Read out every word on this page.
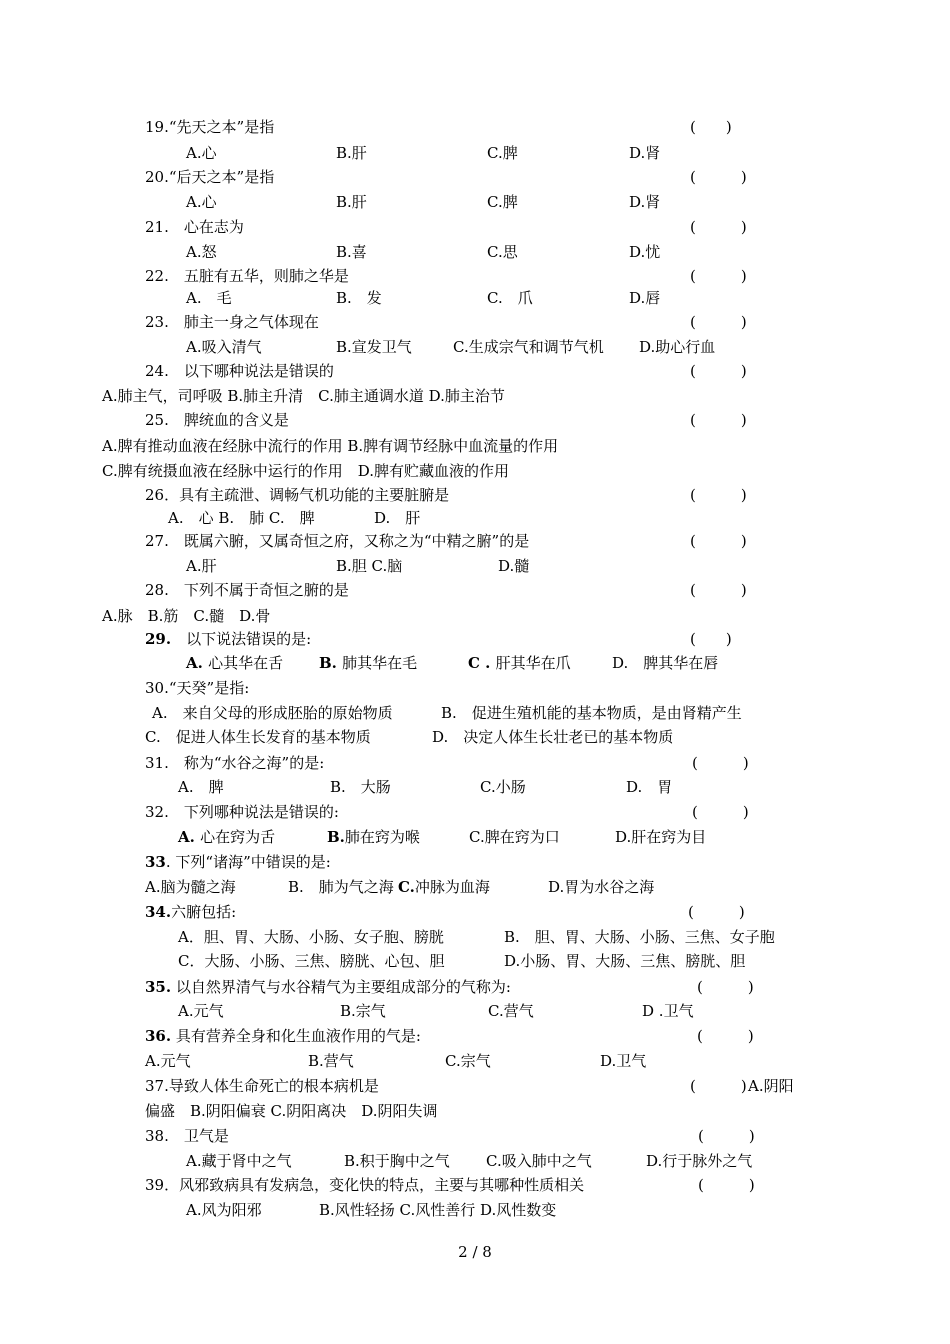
19.“先天之本”是指	(　　)
A.心	B.肝	C.脾	D.肾
20.“后天之本”是指	(　　　)
A.心	B.肝	C.脾	D.肾
21.　心在志为	(　　　)
A.怒	B.喜	C.思	D.忧
22.　五脏有五华，则肺之华是	(　　　)
A.　毛	B.　发	C.　爪	D.唇
23.　肺主一身之气体现在	(　　　)
A.吸入清气	B.宣发卫气	C.生成宗气和调节气机 D.助心行血
24.　以下哪种说法是错误的	(　　　)
A.肺主气，司呼吸 B.肺主升清　C.肺主通调水道 D.肺主治节
25.　脾统血的含义是	(　　　)
A.脾有推动血液在经脉中流行的作用 B.脾有调节经脉中血流量的作用
C.脾有统摄血液在经脉中运行的作用　D.脾有贮藏血液的作用
26．具有主疏泄、调畅气机功能的主要脏腑是	(　　　)
A.　心 B.　肺 C.　脾	D.　肝
27.　既属六腑，又属奇恒之府，又称之为“中精之腑”的是	(　　　)
A.肝	B.胆 C.脑	D.髓
28.　下列不属于奇恒之腑的是	(　　　)
A.脉　B.筋　C.髓　D.骨
29.　以下说法错误的是:	(　　)
A. 心其华在舌 B. 肺其华在毛	C . 肝其华在爪	D.　脾其华在唇
30.“天癸”是指:
A.　来自父母的形成胚胎的原始物质	B.　促进生殖机能的基本物质，是由肾精产生
C.　促进人体生长发育的基本物质	D.　决定人体生长壮老已的基本物质
31.　称为“水谷之海”的是:	(　　　)
A.　脾	B.　大肠	C.小肠	D.　胃
32.　下列哪种说法是错误的:	(　　　)
A. 心在窍为舌	B.肺在窍为喉	C.脾在窍为口	D.肝在窍为目
33. 下列“诸海”中错误的是:
A.脑为髓之海	B.　肺为气之海 C.冲脉为血海	D.胃为水谷之海
34.六腑包括:	(　　　)
A．胆、胃、大肠、小肠、女子胞、膀胱	B.　胆、胃、大肠、小肠、三焦、女子胞
C．大肠、小肠、三焦、膀胱、心包、胆	D.小肠、胃、大肠、三焦、膀胱、胆
35. 以自然界清气与水谷精气为主要组成部分的气称为:	(　　　)
A.元气	B.宗气	C.营气	D .卫气
36. 具有营养全身和化生血液作用的气是:	(　　　)
A.元气	B.营气	C.宗气	D.卫气
37.导致人体生命死亡的根本病机是	(　　　) A.阴阳
偏盛　B.阴阳偏衰 C.阴阳离决　D.阴阳失调
38.　卫气是	(　　　)
A.藏于肾中之气	B.积于胸中之气 C.吸入肺中之气	D.行于脉外之气
39．风邪致病具有发病急，变化快的特点，主要与其哪种性质相关	(　　　)
A.风为阳邪	B.风性轻扬 C.风性善行 D.风性数变
2 / 8
